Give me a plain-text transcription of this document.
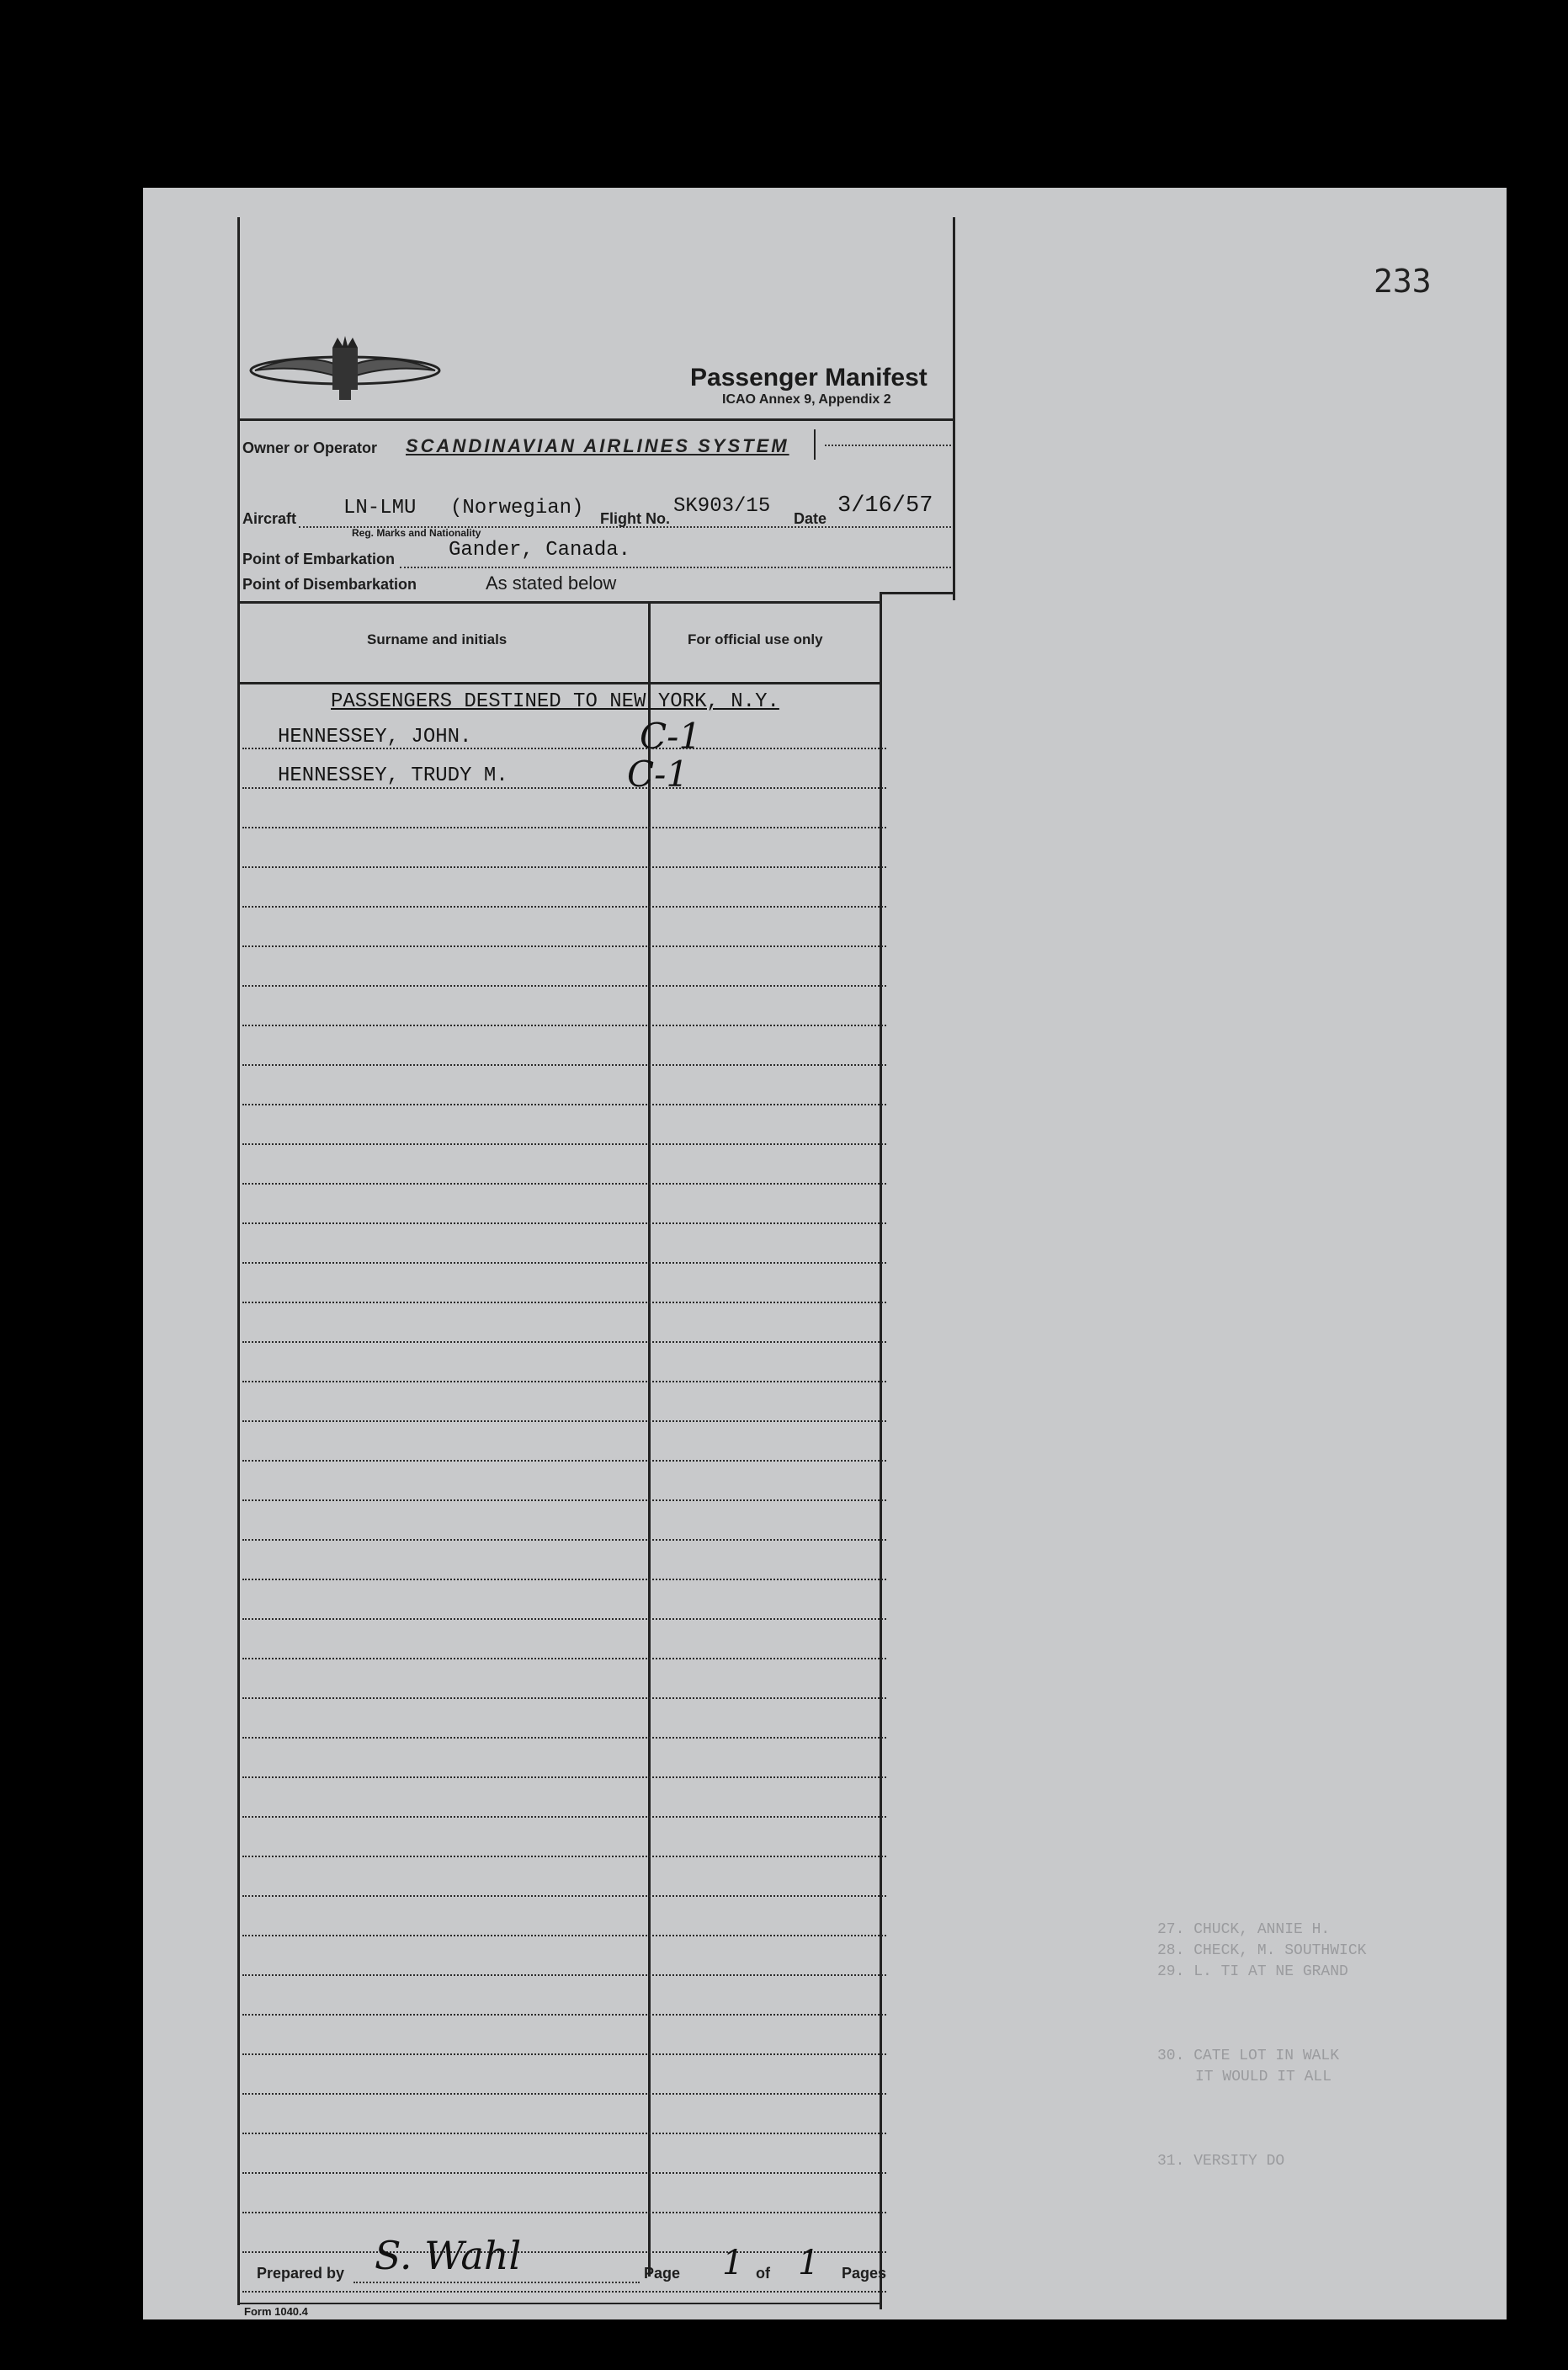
233
27. CHUCK, ANNIE H.
28. CHECK, M. SOUTHWICK
29. L. TI AT NE GRAND
30. CATE LOT IN WALK
IT WOULD IT ALL
31. VERSITY DO
Passenger Manifest
ICAO Annex 9, Appendix 2
Owner or Operator SCANDINAVIAN AIRLINES SYSTEM
Aircraft LN-LMU (Norwegian)
Reg. Marks and Nationality
Flight No.
SK903/15
Date 3/16/57
Point of Embarkation	Gander, Canada.
Point of Disembarkation	As stated below
Surname and initials	For official use only
PASSENGERS DESTINED TO NEW YORK, N.Y.
HENNESSEY, JOHN.	C-1
HENNESSEY, TRUDY M.	C-1
Prepared by S. Wahl	Page 1 of 1 Pages
Form 1040.4
